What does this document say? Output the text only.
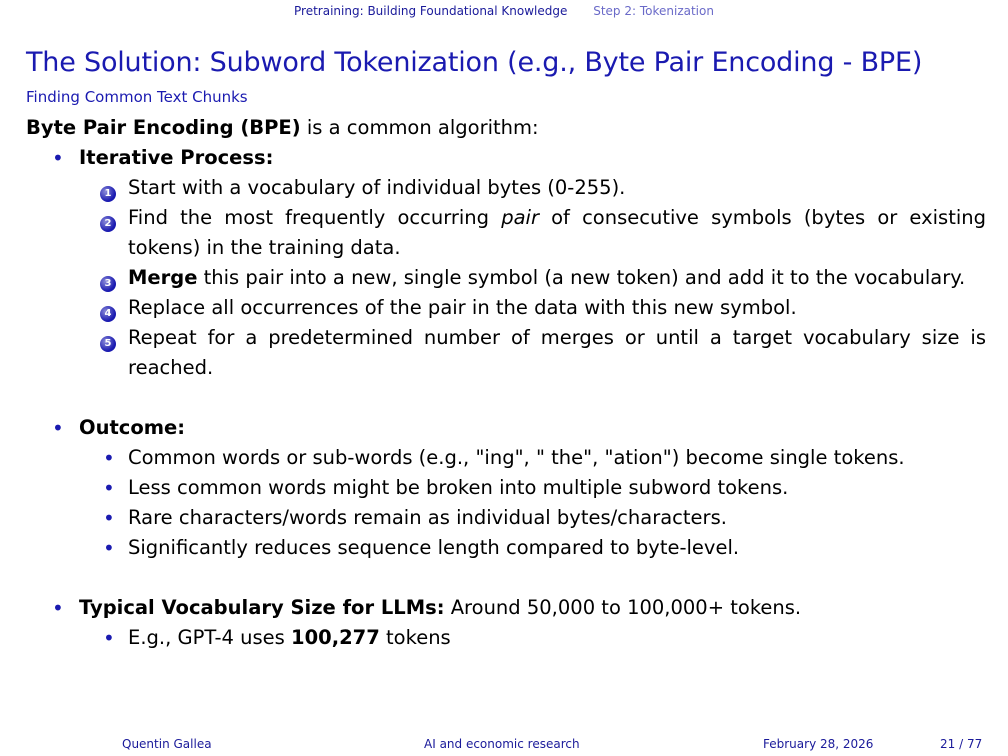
Pretraining: Building Foundational Knowledge Step 2: Tokenization
The Solution: Subword Tokenization (e.g., Byte Pair Encoding - BPE)
Finding Common Text Chunks

Byte Pair Encoding (BPE) is a common algorithm:

• Iterative Process:

1 Start with a vocabulary of individual bytes (0-255).

2 Find the most frequently occurring pair of consecutive symbols (bytes or existing tokens) in the training data.

3 Merge this pair into a new, single symbol (a new token) and add it to the vocabulary.

4 Replace all occurrences of the pair in the data with this new symbol.

5 Repeat for a predetermined number of merges or until a target vocabulary size is reached.

• Outcome:

• Common words or sub-words (e.g., "ing", " the", "ation") become single tokens.

• Less common words might be broken into multiple subword tokens.

• Rare characters/words remain as individual bytes/characters.

• Significantly reduces sequence length compared to byte-level.

• Typical Vocabulary Size for LLMs: Around 50,000 to 100,000+ tokens.

• E.g., GPT-4 uses 100,277 tokens

Quentin Gallea	AI and economic research	February 28, 2026	21 / 77
